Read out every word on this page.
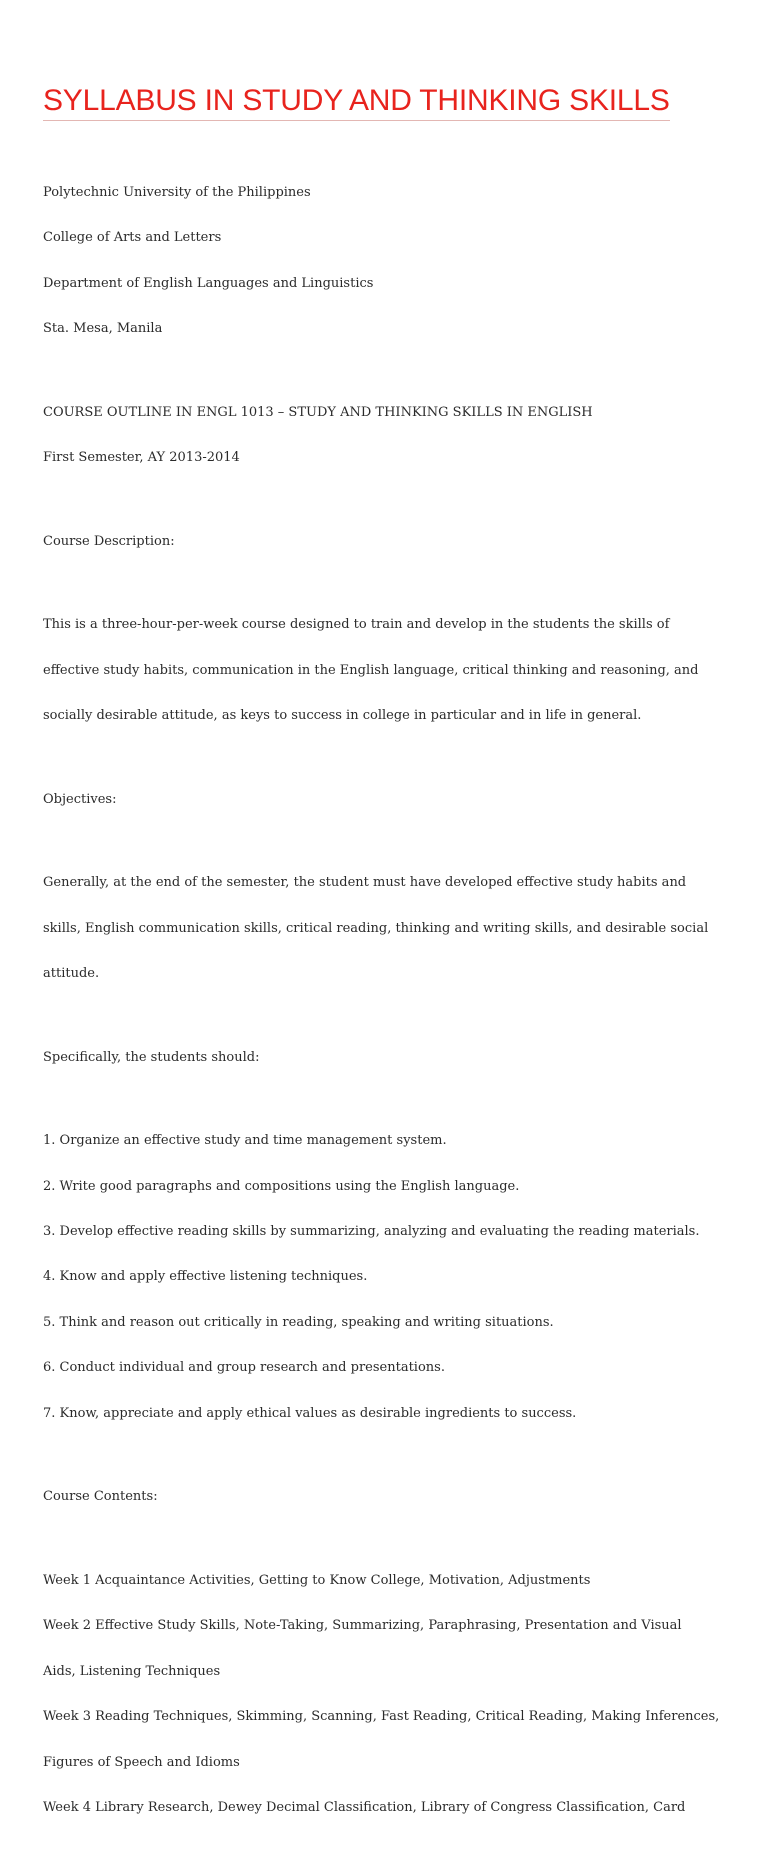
SYLLABUS IN STUDY AND THINKING SKILLS

Polytechnic University of the Philippines

College of Arts and Letters

Department of English Languages and Linguistics

Sta. Mesa, Manila

COURSE OUTLINE IN ENGL 1013 – STUDY AND THINKING SKILLS IN ENGLISH

First Semester, AY 2013-2014

Course Description:

This is a three-hour-per-week course designed to train and develop in the students the skills of

effective study habits, communication in the English language, critical thinking and reasoning, and

socially desirable attitude, as keys to success in college in particular and in life in general.

Objectives:

Generally, at the end of the semester, the student must have developed effective study habits and

skills, English communication skills, critical reading, thinking and writing skills, and desirable social

attitude.

Specifically, the students should:

1. Organize an effective study and time management system.

2. Write good paragraphs and compositions using the English language.

3. Develop effective reading skills by summarizing, analyzing and evaluating the reading materials.

4. Know and apply effective listening techniques.

5. Think and reason out critically in reading, speaking and writing situations.

6. Conduct individual and group research and presentations.

7. Know, appreciate and apply ethical values as desirable ingredients to success.

Course Contents:

Week 1 Acquaintance Activities, Getting to Know College, Motivation, Adjustments

Week 2 Effective Study Skills, Note-Taking, Summarizing, Paraphrasing, Presentation and Visual

Aids, Listening Techniques

Week 3 Reading Techniques, Skimming, Scanning, Fast Reading, Critical Reading, Making Inferences,

Figures of Speech and Idioms

Week 4 Library Research, Dewey Decimal Classification, Library of Congress Classification, Card
